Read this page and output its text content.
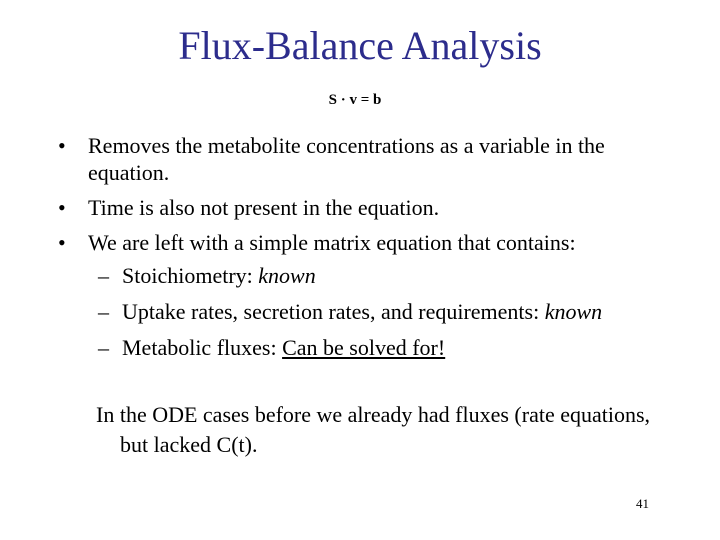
Flux-Balance Analysis
S · v = b
• Removes the metabolite concentrations as a variable in the equation.
• Time is also not present in the equation.
• We are left with a simple matrix equation that contains:
– Stoichiometry: known
– Uptake rates, secretion rates, and requirements: known
– Metabolic fluxes: Can be solved for!
In the ODE cases before we already had fluxes (rate equations, but lacked C(t).
41
